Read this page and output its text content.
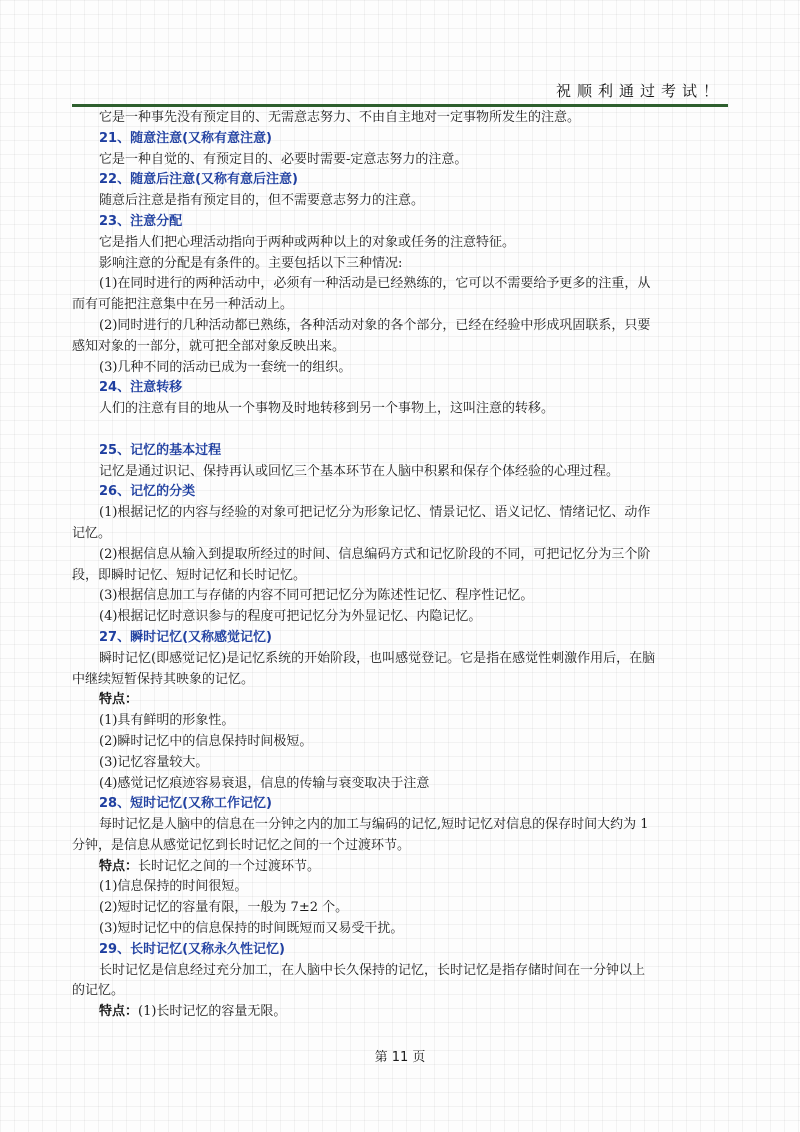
祝顺利通过考试！
它是一种事先没有预定目的、无需意志努力、不由自主地对一定事物所发生的注意。
21、随意注意(又称有意注意)
它是一种自觉的、有预定目的、必要时需要-定意志努力的注意。
22、随意后注意(又称有意后注意)
随意后注意是指有预定目的，但不需要意志努力的注意。
23、注意分配
它是指人们把心理活动指向于两种或两种以上的对象或任务的注意特征。
影响注意的分配是有条件的。主要包括以下三种情况:
(1)在同时进行的两种活动中，必须有一种活动是已经熟练的，它可以不需要给予更多的注重，从
而有可能把注意集中在另一种活动上。
(2)同时进行的几种活动都已熟练，各种活动对象的各个部分，已经在经验中形成巩固联系，只要
感知对象的一部分，就可把全部对象反映出来。
(3)几种不同的活动已成为一套统一的组织。
24、注意转移
人们的注意有目的地从一个事物及时地转移到另一个事物上，这叫注意的转移。
25、记忆的基本过程
记忆是通过识记、保持再认或回忆三个基本环节在人脑中积累和保存个体经验的心理过程。
26、记忆的分类
(1)根据记忆的内容与经验的对象可把记忆分为形象记忆、情景记忆、语义记忆、情绪记忆、动作
记忆。
(2)根据信息从输入到提取所经过的时间、信息编码方式和记忆阶段的不同，可把记忆分为三个阶
段，即瞬时记忆、短时记忆和长时记忆。
(3)根据信息加工与存储的内容不同可把记忆分为陈述性记忆、程序性记忆。
(4)根据记忆时意识参与的程度可把记忆分为外显记忆、内隐记忆。
27、瞬时记忆(又称感觉记忆)
瞬时记忆(即感觉记忆)是记忆系统的开始阶段，也叫感觉登记。它是指在感觉性刺激作用后，在脑
中继续短暂保持其映象的记忆。
特点：
(1)具有鲜明的形象性。
(2)瞬时记忆中的信息保持时间极短。
(3)记忆容量较大。
(4)感觉记忆痕迹容易衰退，信息的传输与衰变取决于注意
28、短时记忆(又称工作记忆)
每时记忆是人脑中的信息在一分钟之内的加工与编码的记忆,短时记忆对信息的保存时间大约为 1
分钟，是信息从感觉记忆到长时记忆之间的一个过渡环节。
特点：长时记忆之间的一个过渡环节。
(1)信息保持的时间很短。
(2)短时记忆的容量有限，一般为 7±2 个。
(3)短时记忆中的信息保持的时间既短而又易受干扰。
29、长时记忆(又称永久性记忆)
长时记忆是信息经过充分加工，在人脑中长久保持的记忆，长时记忆是指存储时间在一分钟以上
的记忆。
特点：(1)长时记忆的容量无限。
第 11 页
